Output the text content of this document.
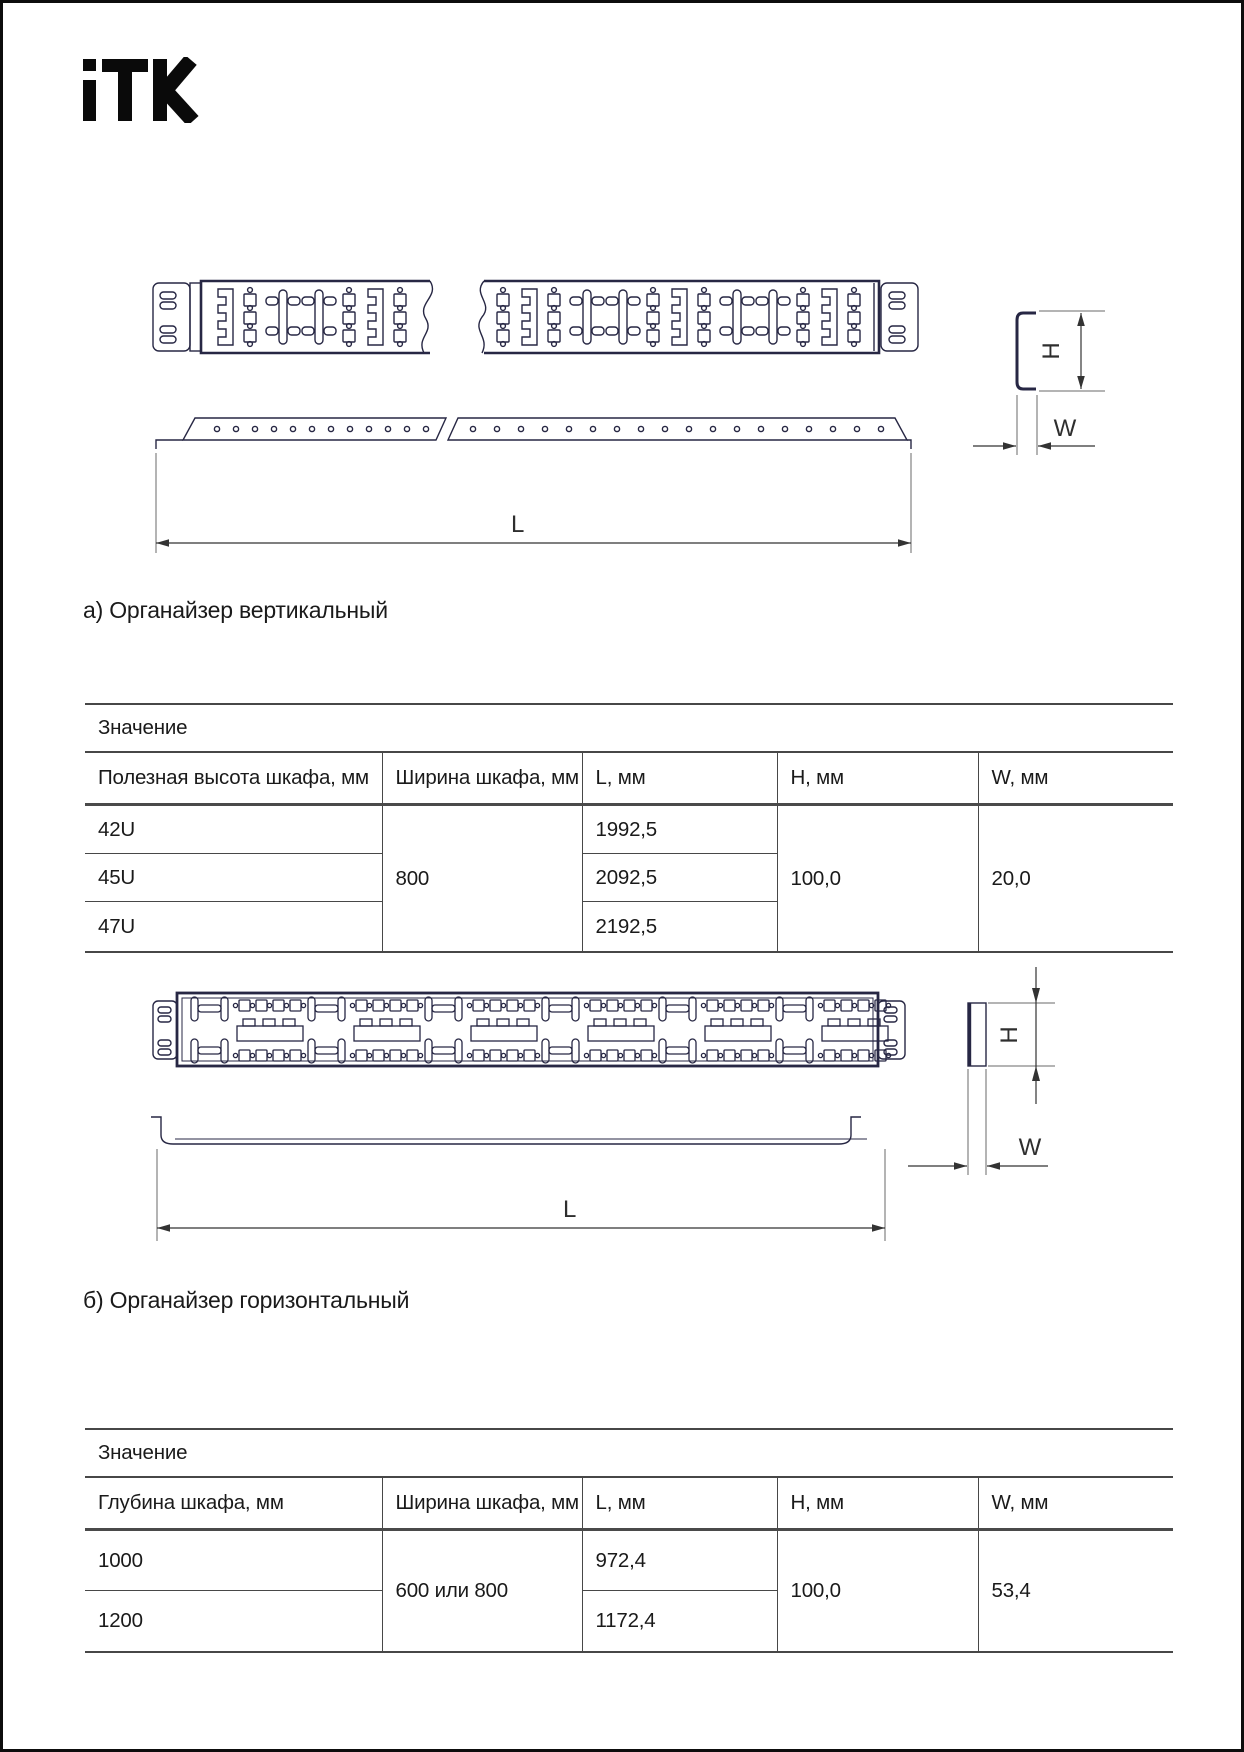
L
H
W
а) Органайзер вертикальный
Значение				
Полезная высота шкафа, мм	Ширина шкафа, мм	L, мм	H, мм	W, мм
42U	800	1992,5	100,0	20,0
45U		2092,5		
47U		2192,5		
H
W
L
б) Органайзер горизонтальный
Значение				
Глубина шкафа, мм	Ширина шкафа, мм	L, мм	H, мм	W, мм
1000	600 или 800	972,4	100,0	53,4
1200		1172,4		
